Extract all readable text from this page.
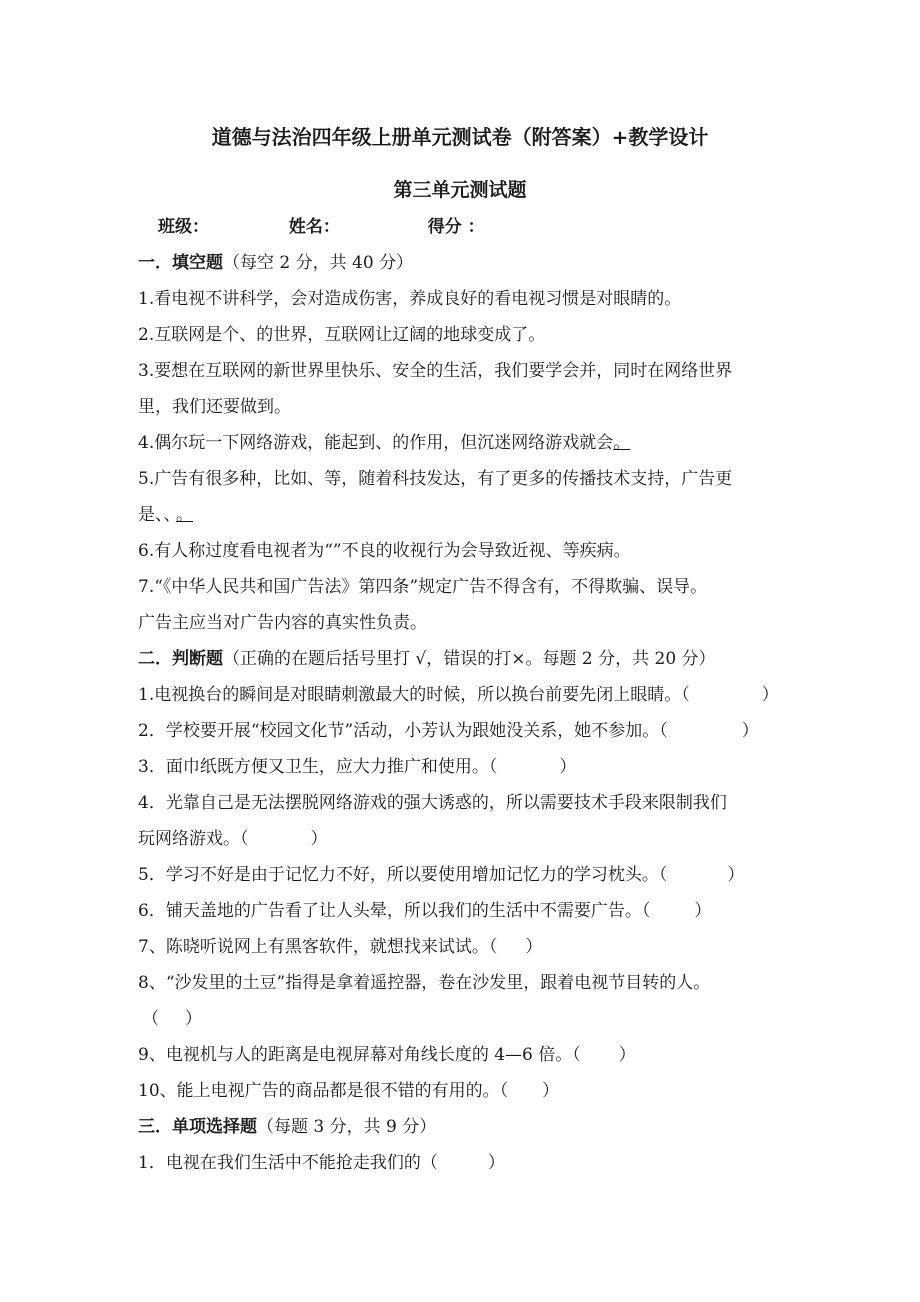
道德与法治四年级上册单元测试卷（附答案）+教学设计
第三单元测试题
班级：	姓名：	得分 ：
一．填空题（每空 2 分，共 40 分）
1.看电视不讲科学，会对造成伤害，养成良好的看电视习惯是对眼睛的。
2.互联网是个、的世界，互联网让辽阔的地球变成了。
3.要想在互联网的新世界里快乐、安全的生活，我们要学会并，同时在网络世界
里，我们还要做到。
4.偶尔玩一下网络游戏，能起到、的作用，但沉迷网络游戏就会。
5.广告有很多种，比如、等，随着科技发达，有了更多的传播技术支持，广告更
是、、 。
6.有人称过度看电视者为“”不良的收视行为会导致近视、等疾病。
7.“《中华人民共和国广告法》第四条”规定广告不得含有，不得欺骗、误导。
广告主应当对广告内容的真实性负责。
二．判断题（正确的在题后括号里打 √，错误的打×。每题 2 分，共 20 分）
1.电视换台的瞬间是对眼睛刺激最大的时候，所以换台前要先闭上眼睛。（	）
2．学校要开展“校园文化节”活动，小芳认为跟她没关系，她不参加。（	）
3．面巾纸既方便又卫生，应大力推广和使用。（	）
4．光靠自己是无法摆脱网络游戏的强大诱惑的，所以需要技术手段来限制我们
玩网络游戏。（	）
5．学习不好是由于记忆力不好，所以要使用增加记忆力的学习枕头。（	）
6．铺天盖地的广告看了让人头晕，所以我们的生活中不需要广告。（	）
7、陈晓听说网上有黑客软件，就想找来试试。（ ）
8、“沙发里的土豆”指得是拿着遥控器，卷在沙发里，跟着电视节目转的人。
（ ）
9、电视机与人的距离是电视屏幕对角线长度的 4—6 倍。（ ）
10、能上电视广告的商品都是很不错的有用的。（ ）
三．单项选择题（每题 3 分，共 9 分）
1．电视在我们生活中不能抢走我们的（	）
